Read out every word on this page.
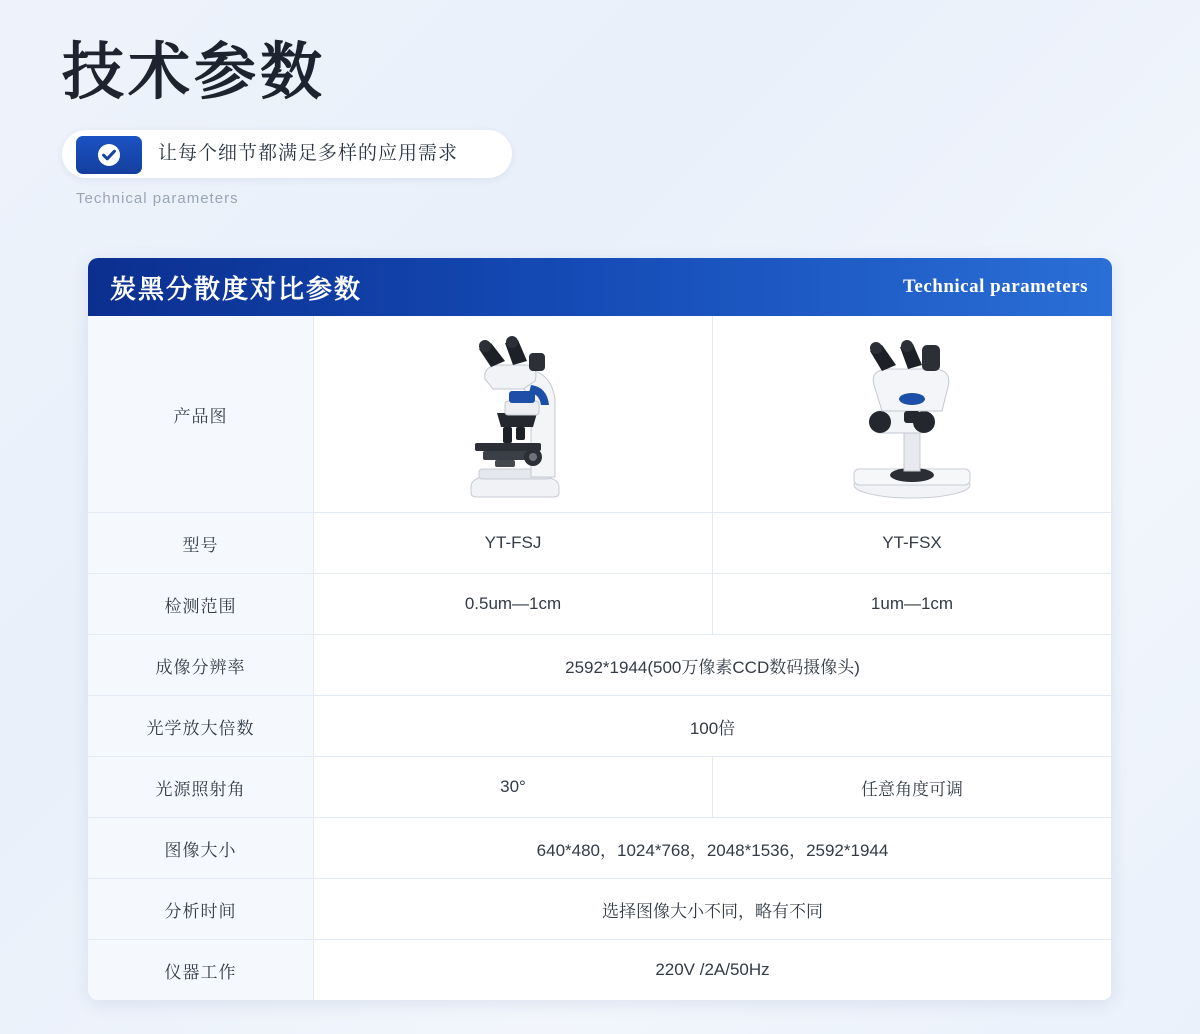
技术参数
让每个细节都满足多样的应用需求
Technical parameters
炭黑分散度对比参数	Technical parameters
产品图	

型号	YT-FSJ	YT-FSX
检测范围	0.5um—1cm	1um—1cm
成像分辨率	2592*1944(500万像素CCD数码摄像头)	
光学放大倍数	100倍	
光源照射角	30°	任意角度可调
图像大小	640*480，1024*768，2048*1536，2592*1944	
分析时间	选择图像大小不同，略有不同	
仪器工作	220V /2A/50Hz	
